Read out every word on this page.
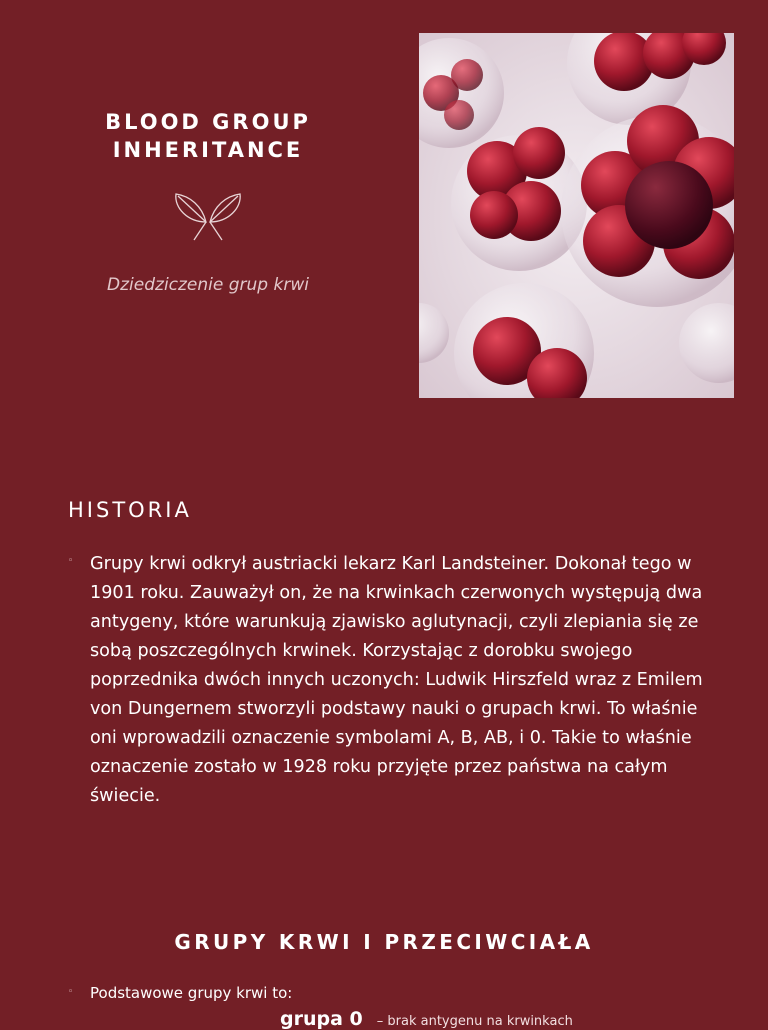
BLOOD GROUP
INHERITANCE
Dziedziczenie grup krwi
HISTORIA
◦ Grupy krwi odkrył austriacki lekarz Karl Landsteiner. Dokonał tego w 1901 roku. Zauważył on, że na krwinkach czerwonych występują dwa antygeny, które warunkują zjawisko aglutynacji, czyli zlepiania się ze sobą poszczególnych krwinek. Korzystając z dorobku swojego poprzednika dwóch innych uczonych: Ludwik Hirszfeld wraz z Emilem von Dungernem stworzyli podstawy nauki o grupach krwi. To właśnie oni wprowadzili oznaczenie symbolami A, B, AB, i 0. Takie to właśnie oznaczenie zostało w 1928 roku przyjęte przez państwa na całym świecie.
GRUPY KRWI I PRZECIWCIAŁA
◦ Podstawowe grupy krwi to:
grupa 0 – brak antygenu na krwinkach
